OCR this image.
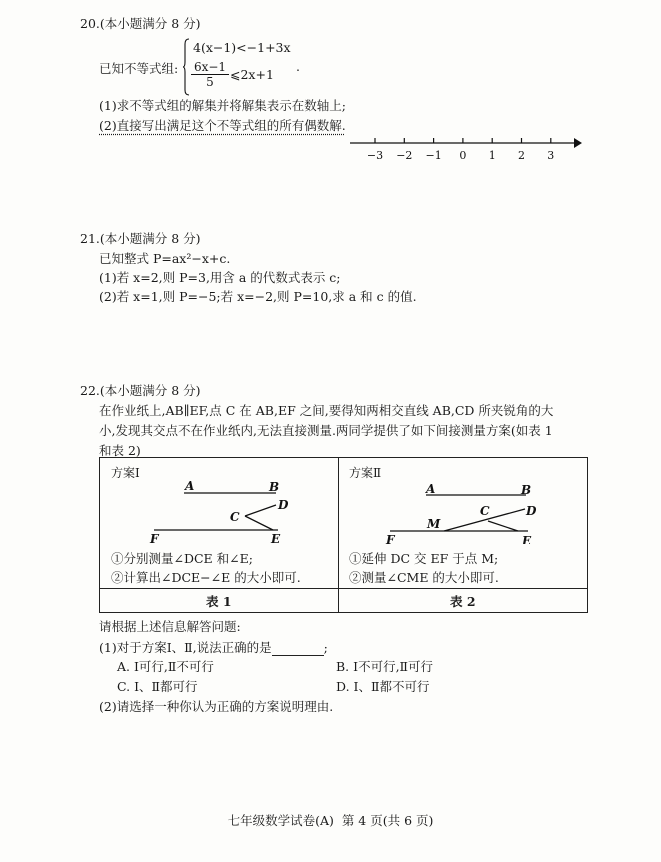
20.(本小题满分 8 分)
已知不等式组:
4(x−1)<−1+3x
$\frac{6x-1}{5}$ ⩽2x+1
.
(1)求不等式组的解集并将解集表示在数轴上;
(2)直接写出满足这个不等式组的所有偶数解.
−3 −2 −1 0 1 2 3
21.(本小题满分 8 分)
已知整式 P=ax²−x+c.
(1)若 x=2,则 P=3,用含 a 的代数式表示 c;
(2)若 x=1,则 P=−5;若 x=−2,则 P=10,求 a 和 c 的值.
22.(本小题满分 8 分)
在作业纸上,AB∥EF,点 C 在 AB,EF 之间,要得知两相交直线 AB,CD 所夹锐角的大
小,发现其交点不在作业纸内,无法直接测量.两同学提供了如下间接测量方案(如表 1
和表 2)
方案Ⅰ
A	B
C
D
E
F
①分别测量∠DCE 和∠E;
②计算出∠DCE−∠E 的大小即可.
表 1
方案Ⅱ
A	B
C	D
E
F
M
①延伸 DC 交 EF 于点 M;
②测量∠CME 的大小即可.
表 2
请根据上述信息解答问题:
(1)对于方案Ⅰ、Ⅱ,说法正确的是	;
A. Ⅰ可行,Ⅱ不可行	B. Ⅰ不可行,Ⅱ可行
C. Ⅰ、Ⅱ都可行	D. Ⅰ、Ⅱ都不可行
(2)请选择一种你认为正确的方案说明理由.
七年级数学试卷(A)  第 4 页(共 6 页)
